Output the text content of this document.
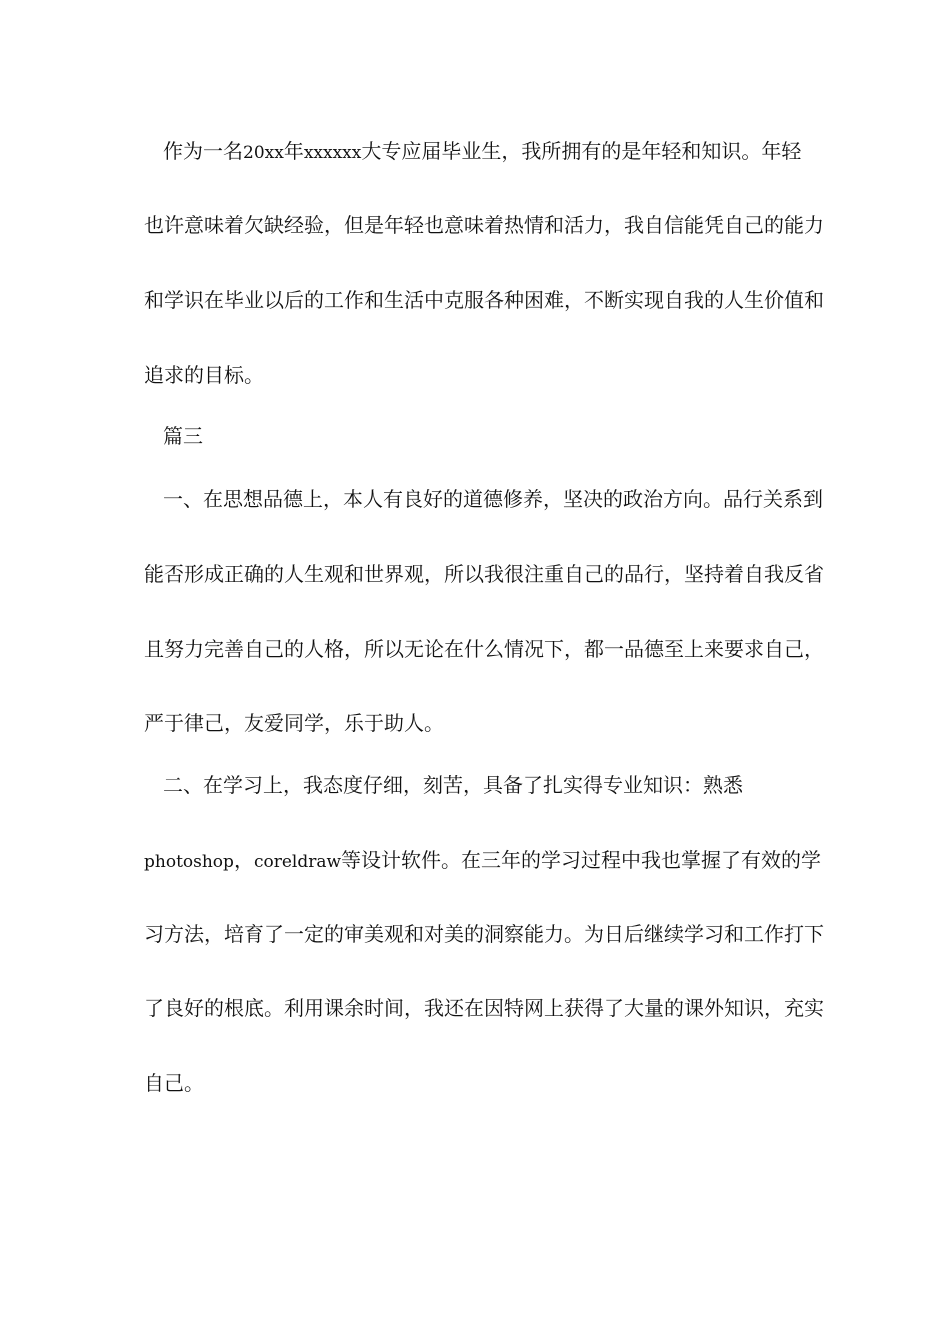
作为一名20xx年xxxxxx大专应届毕业生，我所拥有的是年轻和知识。年轻
也许意味着欠缺经验，但是年轻也意味着热情和活力，我自信能凭自己的能力
和学识在毕业以后的工作和生活中克服各种困难，不断实现自我的人生价值和
追求的目标。
篇三
一、在思想品德上，本人有良好的道德修养，坚决的政治方向。品行关系到
能否形成正确的人生观和世界观，所以我很注重自己的品行，坚持着自我反省
且努力完善自己的人格，所以无论在什么情况下，都一品德至上来要求自己，
严于律己，友爱同学，乐于助人。
二、在学习上，我态度仔细，刻苦，具备了扎实得专业知识：熟悉
photoshop，coreldraw等设计软件。在三年的学习过程中我也掌握了有效的学
习方法，培育了一定的审美观和对美的洞察能力。为日后继续学习和工作打下
了良好的根底。利用课余时间，我还在因特网上获得了大量的课外知识，充实
自己。
